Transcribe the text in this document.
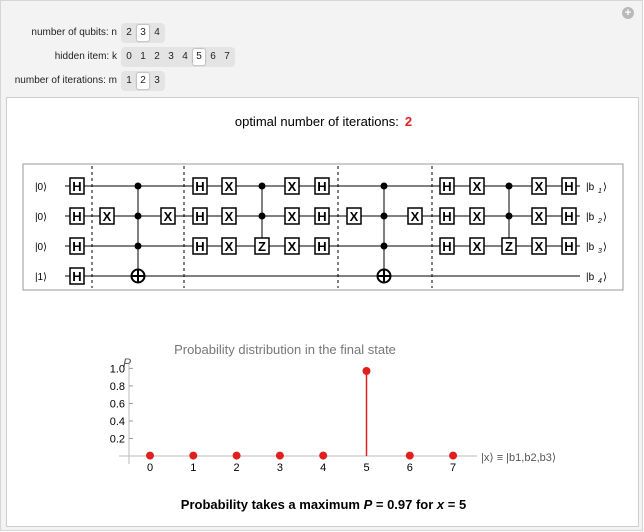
+
number of qubits: n 2 3 4
hidden item: k 0 1 2 3 4 5 6 7
number of iterations: m 1 2 3
optimal number of iterations: 2
H
H
H
H
X	X	X	X
H X	X H
H X	X H
H X	X H
Z
H X	X H
H X	X H
H X	X H
Z
|0⟩
|0⟩
|0⟩
|1⟩
|b 1 ⟩
|b 2 ⟩
|b 3 ⟩
|b 4 ⟩
Probability distribution in the final state
P
0.2
0.4
0.6
0.8
1.0
0	1	2	3	4	5	6	7
|x⟩ ≡ |b1,b2,b3⟩
Probability takes a maximum P = 0.97 for x = 5
